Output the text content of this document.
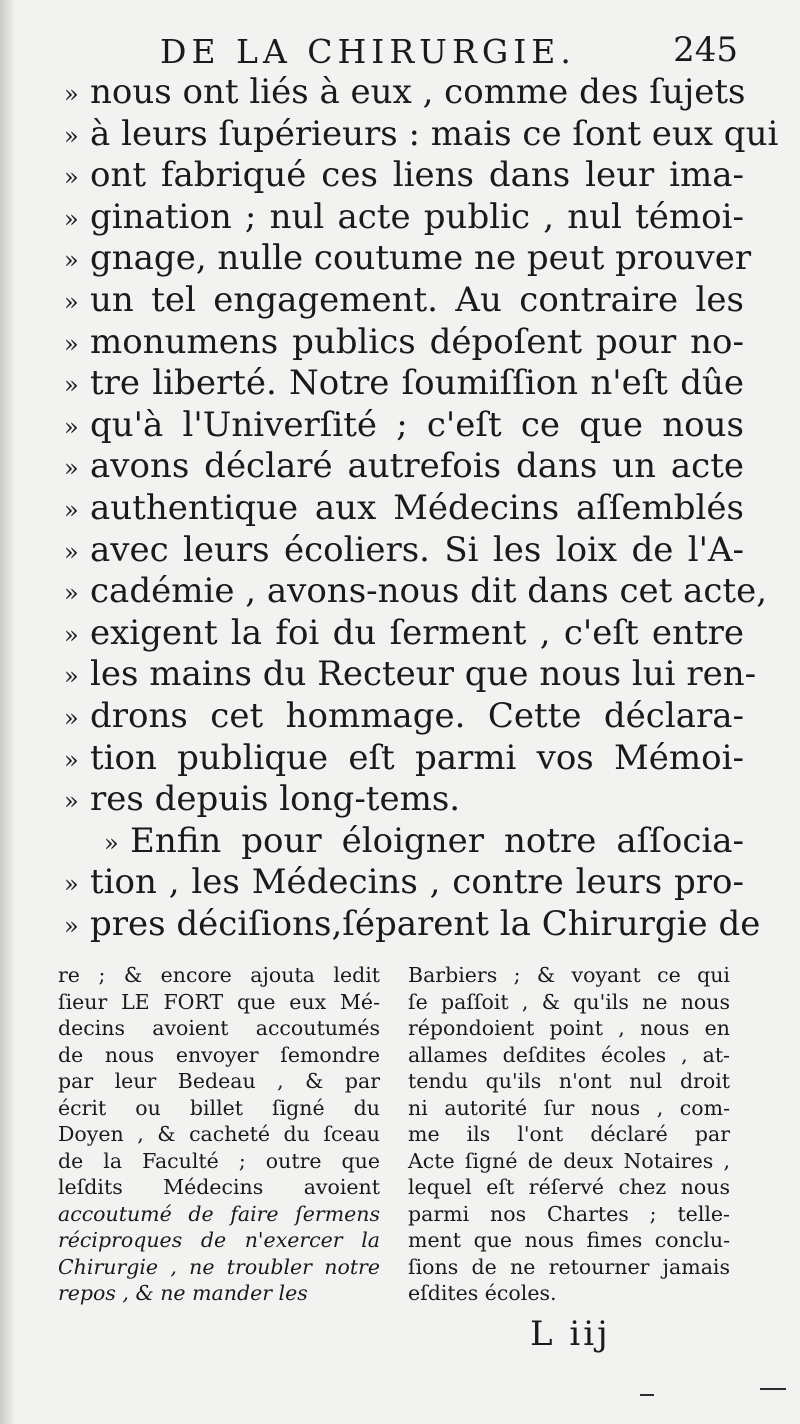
DE LA CHIRURGIE.	245
» nous ont liés à eux , comme des ſujets
» à leurs ſupérieurs : mais ce ſont eux qui
» ont fabriqué ces liens dans leur ima-
» gination ; nul acte public , nul témoi-
» gnage, nulle coutume ne peut prouver
» un tel engagement. Au contraire les
» monumens publics dépoſent pour no-
» tre liberté. Notre ſoumiſſion n'eſt dûe
» qu'à l'Univerſité ; c'eſt ce que nous
» avons déclaré autrefois dans un acte
» authentique aux Médecins aſſemblés
» avec leurs écoliers. Si les loix de l'A-
» cadémie , avons-nous dit dans cet acte,
» exigent la foi du ſerment , c'eſt entre
» les mains du Recteur que nous lui ren-
» drons cet hommage. Cette déclara-
» tion publique eſt parmi vos Mémoi-
» res depuis long-tems.
» Enfin pour éloigner notre aſſocia-
» tion , les Médecins , contre leurs pro-
» pres déciſions,ſéparent la Chirurgie de
re ; & encore ajouta ledit
ſieur LE FORT que eux Mé-
decins avoient accoutumés
de nous envoyer ſemondre
par leur Bedeau , & par
écrit ou billet ſigné du
Doyen , & cacheté du ſceau
de la Faculté ; outre que
leſdits Médecins avoient
accoutumé de faire ſermens
réciproques de n'exercer la
Chirurgie , ne troubler notre
repos , & ne mander les
Barbiers ; & voyant ce qui
ſe paſſoit , & qu'ils ne nous
répondoient point , nous en
allames deſdites écoles , at-
tendu qu'ils n'ont nul droit
ni autorité ſur nous , com-
me ils l'ont déclaré par
Acte ſigné de deux Notaires ,
lequel eſt réſervé chez nous
parmi nos Chartes ; telle-
ment que nous fimes conclu-
ſions de ne retourner jamais
eſdites écoles.
L iij
